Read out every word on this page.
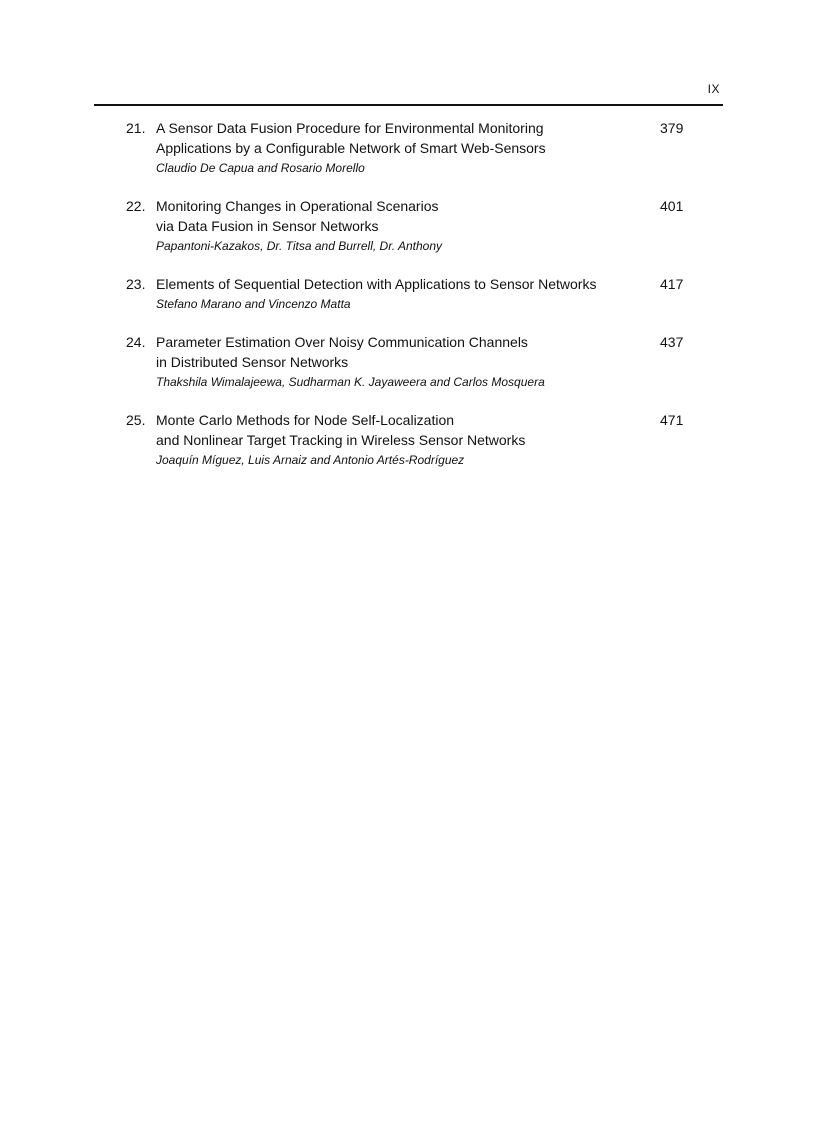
IX
21. A Sensor Data Fusion Procedure for Environmental Monitoring
Applications by a Configurable Network of Smart Web-Sensors
Claudio De Capua and Rosario Morello
379
22. Monitoring Changes in Operational Scenarios
via Data Fusion in Sensor Networks
Papantoni-Kazakos, Dr. Titsa and Burrell, Dr. Anthony
401
23. Elements of Sequential Detection with Applications to Sensor Networks
Stefano Marano and Vincenzo Matta
417
24. Parameter Estimation Over Noisy Communication Channels
in Distributed Sensor Networks
Thakshila Wimalajeewa, Sudharman K. Jayaweera and Carlos Mosquera
437
25. Monte Carlo Methods for Node Self-Localization
and Nonlinear Target Tracking in Wireless Sensor Networks
Joaquín Míguez, Luis Arnaiz and Antonio Artés-Rodríguez
471
